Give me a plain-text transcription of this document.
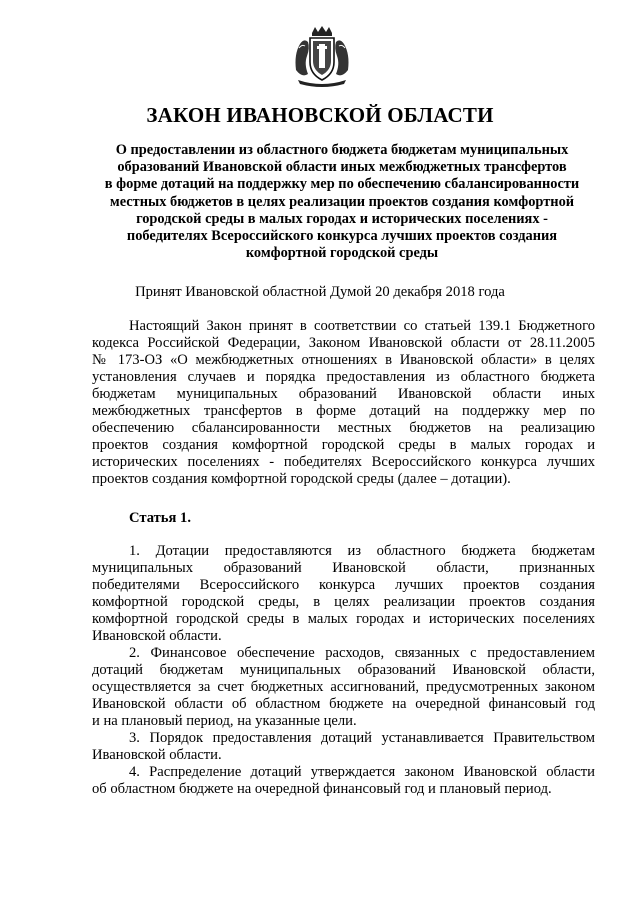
ЗАКОН ИВАНОВСКОЙ ОБЛАСТИ
О предоставлении из областного бюджета бюджетам муниципальных
образований Ивановской области иных межбюджетных трансфертов
в форме дотаций на поддержку мер по обеспечению сбалансированности
местных бюджетов в целях реализации проектов создания комфортной
городской среды в малых городах и исторических поселениях -
победителях Всероссийского конкурса лучших проектов создания
комфортной городской среды
Принят Ивановской областной Думой 20 декабря 2018 года
Настоящий Закон принят в соответствии со статьей 139.1 Бюджетного
кодекса Российской Федерации, Законом Ивановской области от 28.11.2005
№ 173-ОЗ «О межбюджетных отношениях в Ивановской области» в целях
установления случаев и порядка предоставления из областного бюджета
бюджетам муниципальных образований Ивановской области иных
межбюджетных трансфертов в форме дотаций на поддержку мер по
обеспечению сбалансированности местных бюджетов на реализацию
проектов создания комфортной городской среды в малых городах и
исторических поселениях - победителях Всероссийского конкурса лучших
проектов создания комфортной городской среды (далее – дотации).
Статья 1.
1. Дотации предоставляются из областного бюджета бюджетам
муниципальных образований Ивановской области, признанных
победителями Всероссийского конкурса лучших проектов создания
комфортной городской среды, в целях реализации проектов создания
комфортной городской среды в малых городах и исторических поселениях
Ивановской области.
2. Финансовое обеспечение расходов, связанных с предоставлением
дотаций бюджетам муниципальных образований Ивановской области,
осуществляется за счет бюджетных ассигнований, предусмотренных законом
Ивановской области об областном бюджете на очередной финансовый год
и на плановый период, на указанные цели.
3. Порядок предоставления дотаций устанавливается Правительством
Ивановской области.
4. Распределение дотаций утверждается законом Ивановской области
об областном бюджете на очередной финансовый год и плановый период.
